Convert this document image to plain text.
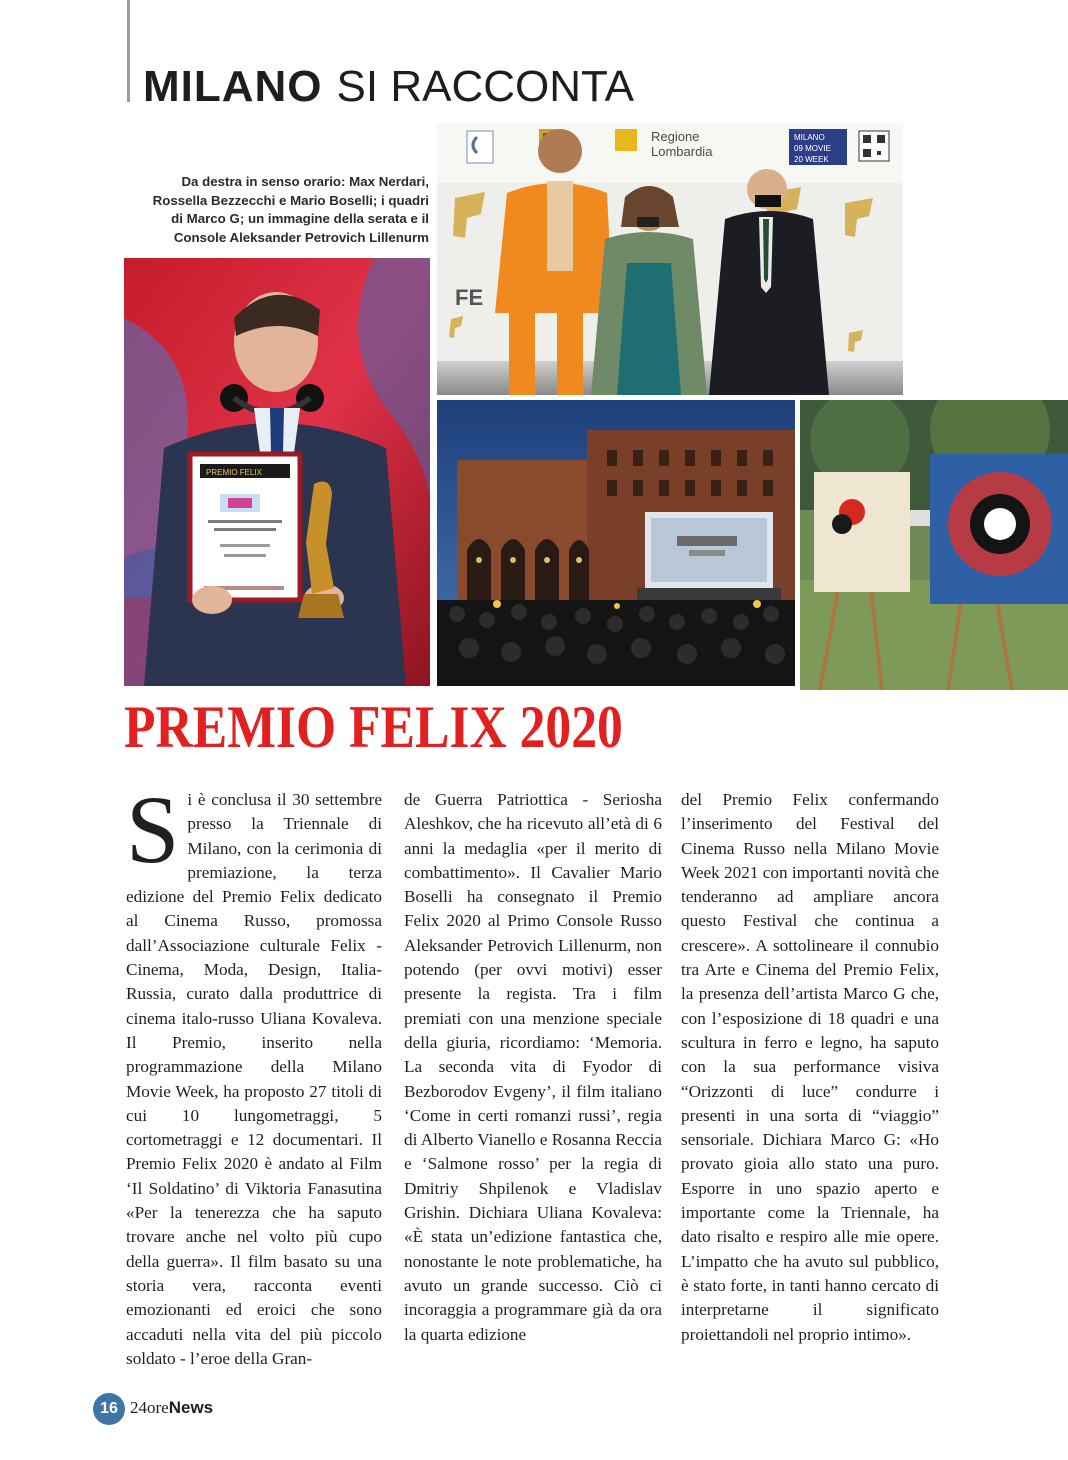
MILANO SI RACCONTA
Da destra in senso orario: Max Nerdari, Rossella Bezzecchi e Mario Boselli; i quadri di Marco G; un immagine della serata e il Console Aleksander Petrovich Lillenurm
Regione
Lombardia
MILANO
09 MOVIE
20 WEEK
FE
PREMIO FELIX
PREMIO FELIX 2020
Si è conclusa il 30 settembre presso la Triennale di Milano, con la cerimonia di premiazione, la terza edizione del Premio Felix dedicato al Cinema Russo, promossa dall’Associazione culturale Felix - Cinema, Moda, Design, Italia-Russia, curato dalla produttrice di cinema italo-russo Uliana Kovaleva. Il Premio, inserito nella programmazione della Milano Movie Week, ha proposto 27 titoli di cui 10 lungometraggi, 5 cortometraggi e 12 documentari. Il Premio Felix 2020 è andato al Film ‘Il Soldatino’ di Viktoria Fanasutina «Per la tenerezza che ha saputo trovare anche nel volto più cupo della guerra». Il film basato su una storia vera, racconta eventi emozionanti ed eroici che sono accaduti nella vita del più piccolo soldato - l’eroe della Gran-
de Guerra Patriottica - Seriosha Aleshkov, che ha ricevuto all’età di 6 anni la medaglia «per il merito di combattimento». Il Cavalier Mario Boselli ha consegnato il Premio Felix 2020 al Primo Console Russo Aleksander Petrovich Lillenurm, non potendo (per ovvi motivi) esser presente la regista. Tra i film premiati con una menzione speciale della giuria, ricordiamo: ‘Memoria. La seconda vita di Fyodor di Bezborodov Evgeny’, il film italiano ‘Come in certi romanzi russi’, regia di Alberto Vianello e Rosanna Reccia e ‘Salmone rosso’ per la regia di Dmitriy Shpilenok e Vladislav Grishin. Dichiara Uliana Kovaleva: «È stata un’edizione fantastica che, nonostante le note problematiche, ha avuto un grande successo. Ciò ci incoraggia a programmare già da ora la quarta edizione
del Premio Felix confermando l’inserimento del Festival del Cinema Russo nella Milano Movie Week 2021 con importanti novità che tenderanno ad ampliare ancora questo Festival che continua a crescere». A sottolineare il connubio tra Arte e Cinema del Premio Felix, la presenza dell’artista Marco G che, con l’esposizione di 18 quadri e una scultura in ferro e legno, ha saputo con la sua performance visiva “Orizzonti di luce” condurre i presenti in una sorta di “viaggio” sensoriale. Dichiara Marco G: «Ho provato gioia allo stato una puro. Esporre in uno spazio aperto e importante come la Triennale, ha dato risalto e respiro alle mie opere. L’impatto che ha avuto sul pubblico, è stato forte, in tanti hanno cercato di interpretarne il significato proiettandoli nel proprio intimo».
16 24oreNews
